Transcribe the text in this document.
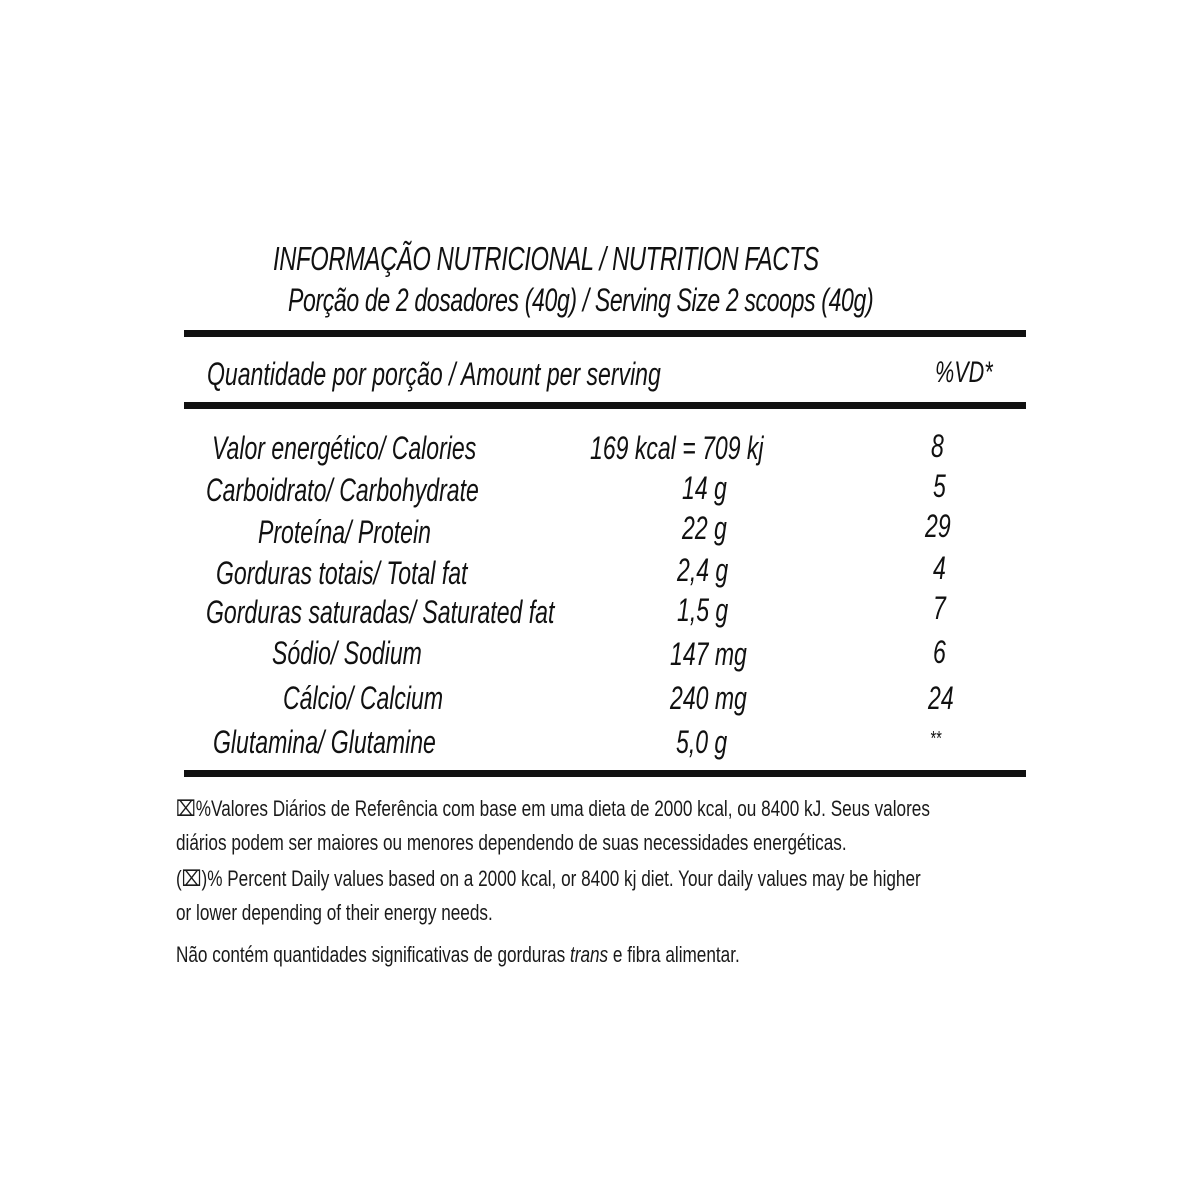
INFORMAÇÃO NUTRICIONAL / NUTRITION FACTS
Porção de 2 dosadores (40g) / Serving Size 2 scoops (40g)
Quantidade por porção / Amount per serving	%VD*
Valor energético/ Calories	169 kcal = 709 kj	8
Carboidrato/ Carbohydrate	14 g	5
Proteína/ Protein	22 g	29
Gorduras totais/ Total fat	2,4 g	4
Gorduras saturadas/ Saturated fat	1,5 g	7
Sódio/ Sodium	147 mg	6
Cálcio/ Calcium	240 mg	24
Glutamina/ Glutamine	5,0 g	**
⌧%Valores Diários de Referência com base em uma dieta de 2000 kcal, ou 8400 kJ. Seus valores
diários podem ser maiores ou menores dependendo de suas necessidades energéticas.
(⌧)% Percent Daily values based on a 2000 kcal, or 8400 kj diet. Your daily values may be higher
or lower depending of their energy needs.
Não contém quantidades significativas de gorduras trans e fibra alimentar.
